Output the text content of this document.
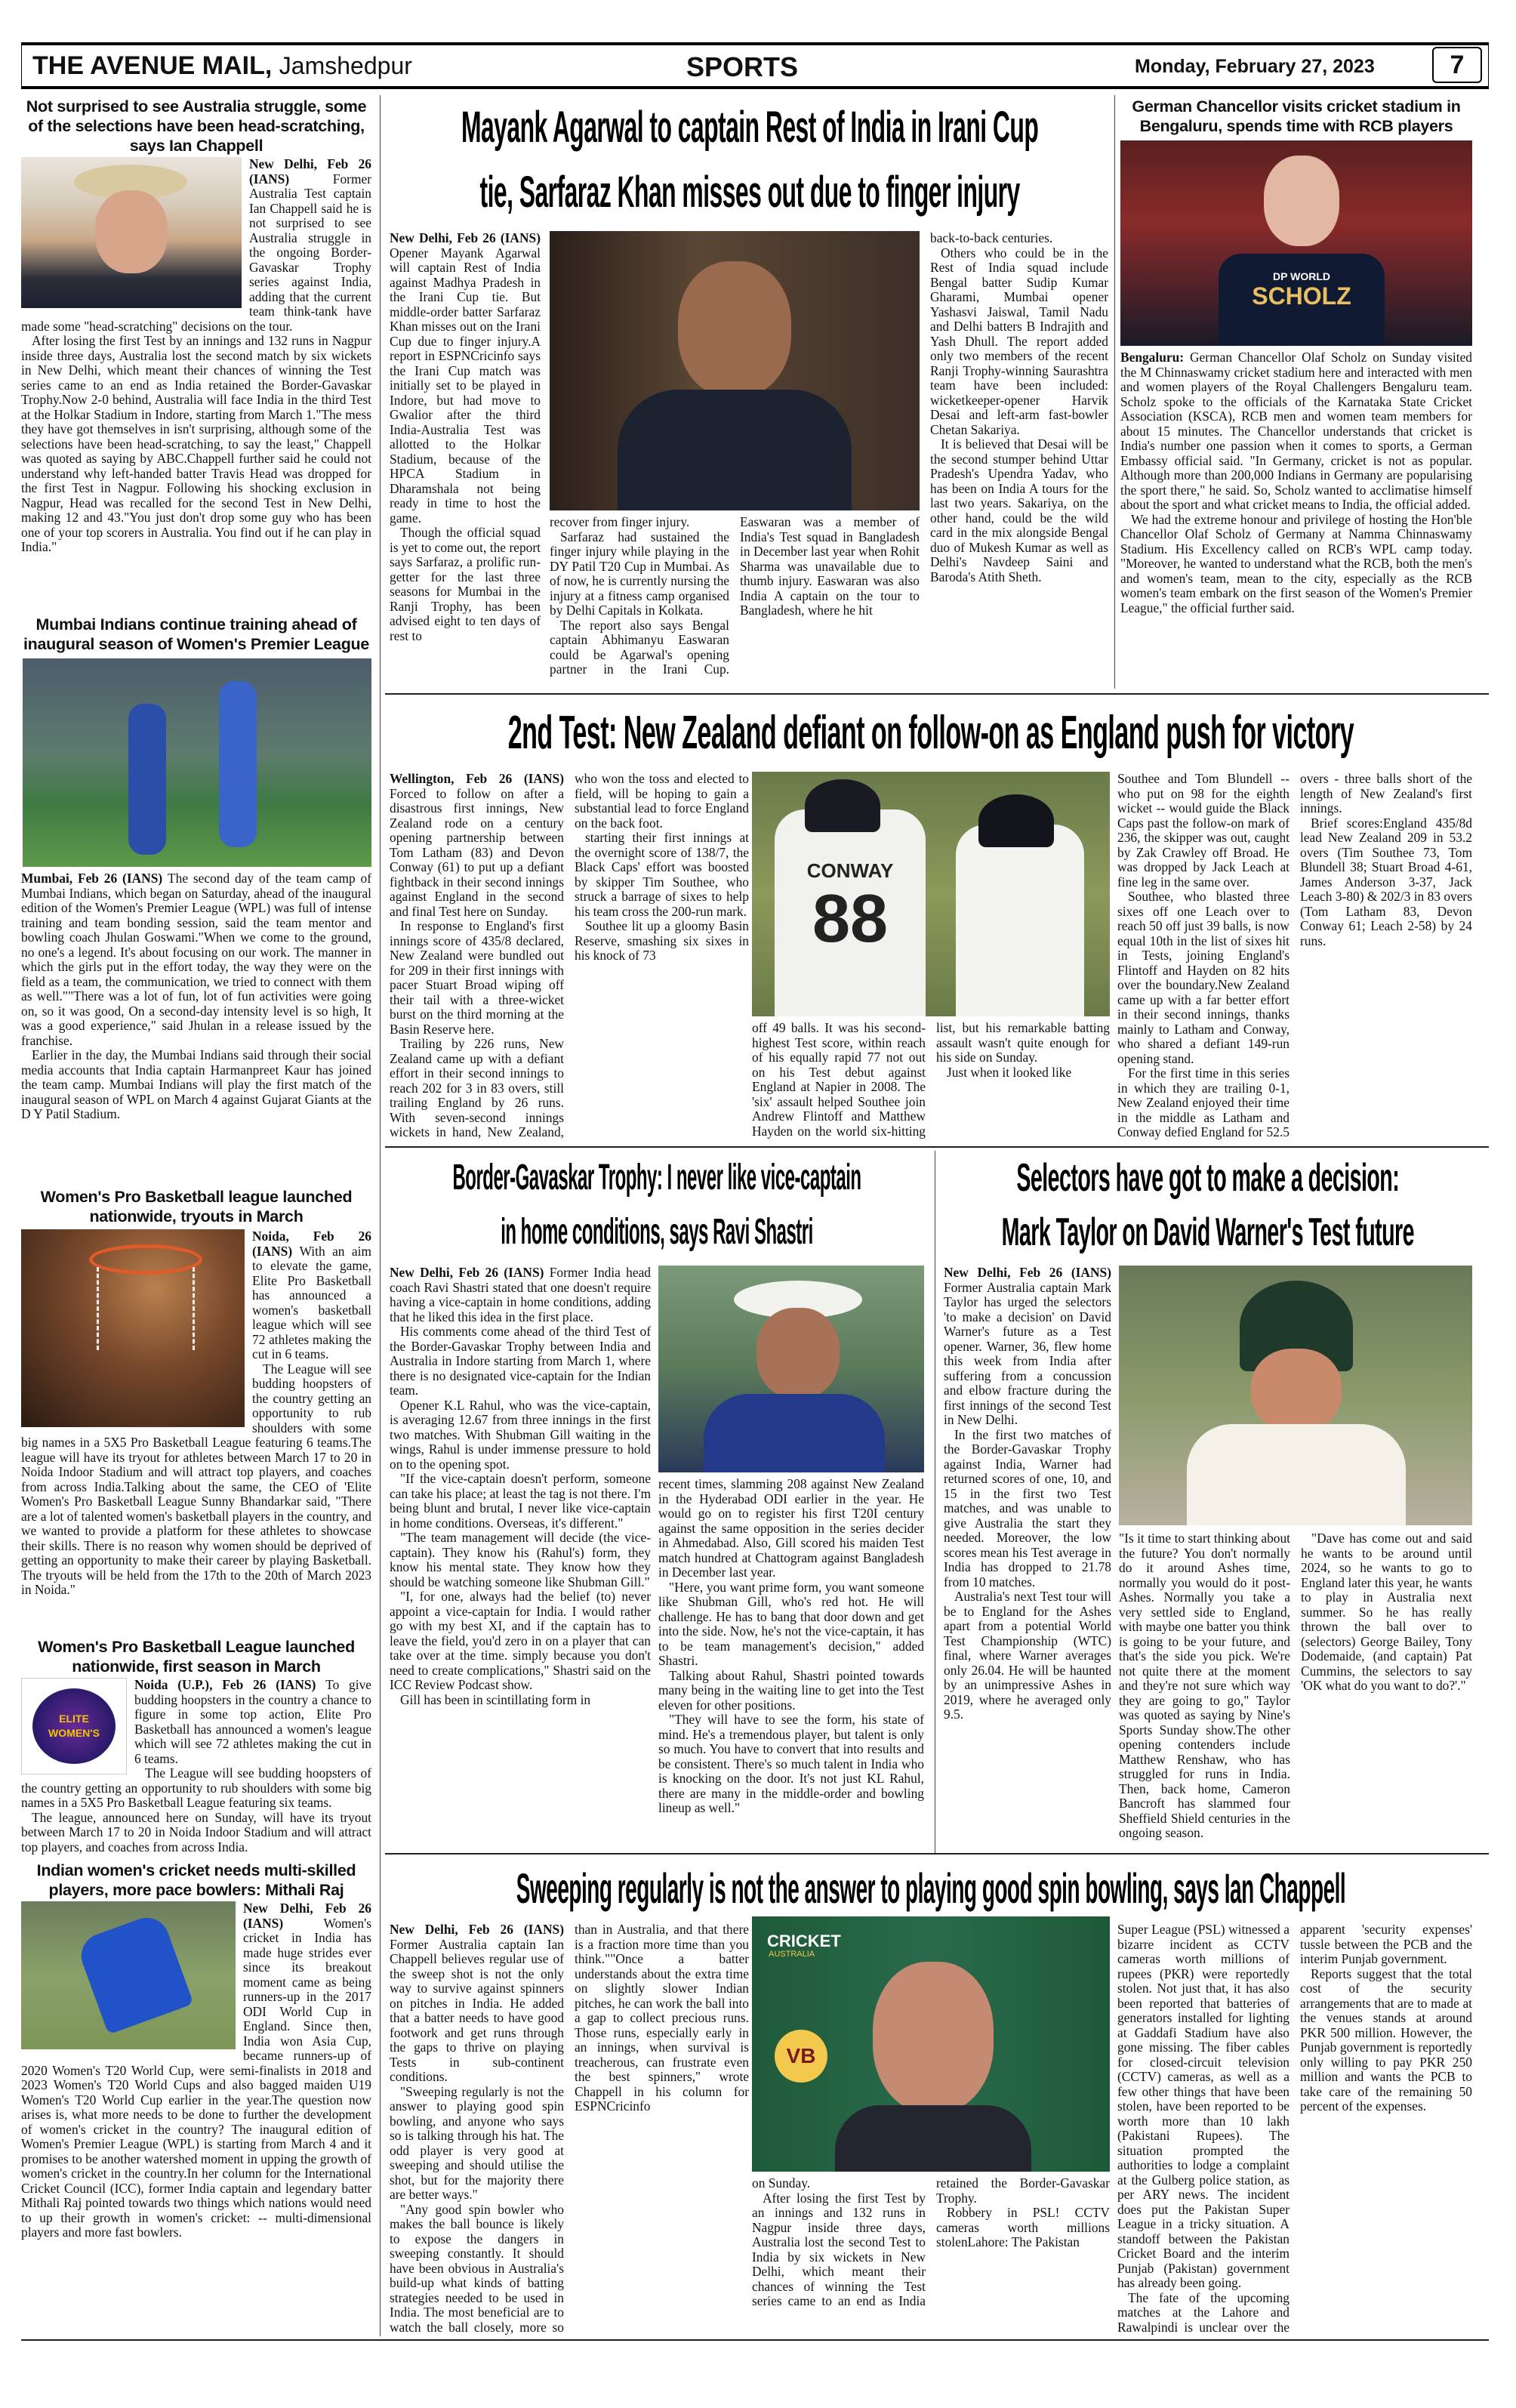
THE AVENUE MAIL, Jamshedpur	SPORTS	Monday, February 27, 2023	7
Not surprised to see Australia struggle, some of the selections have been head-scratching, says Ian Chappell

New Delhi, Feb 26 (IANS) Former Australia Test captain Ian Chappell said he is not surprised to see Australia struggle in the ongoing Border-Gavaskar Trophy series against India, adding that the current team think-tank have made some "head-scratching" decisions on the tour.

After losing the first Test by an innings and 132 runs in Nagpur inside three days, Australia lost the second match by six wickets in New Delhi, which meant their chances of winning the Test series came to an end as India retained the Border-Gavaskar Trophy.Now 2-0 behind, Australia will face India in the third Test at the Holkar Stadium in Indore, starting from March 1."The mess they have got themselves in isn't surprising, although some of the selections have been head-scratching, to say the least," Chappell was quoted as saying by ABC.Chappell further said he could not understand why left-handed batter Travis Head was dropped for the first Test in Nagpur. Following his shocking exclusion in Nagpur, Head was recalled for the second Test in New Delhi, making 12 and 43."You just don't drop some guy who has been one of your top scorers in Australia. You find out if he can play in India."

Mumbai Indians continue training ahead of inaugural season of Women's Premier League

Mumbai, Feb 26 (IANS) The second day of the team camp of Mumbai Indians, which began on Saturday, ahead of the inaugural edition of the Women's Premier League (WPL) was full of intense training and team bonding session, said the team mentor and bowling coach Jhulan Goswami."When we come to the ground, no one's a legend. It's about focusing on our work. The manner in which the girls put in the effort today, the way they were on the field as a team, the communication, we tried to connect with them as well.""There was a lot of fun, lot of fun activities were going on, so it was good, On a second-day intensity level is so high, It was a good experience," said Jhulan in a release issued by the franchise.

Earlier in the day, the Mumbai Indians said through their social media accounts that India captain Harmanpreet Kaur has joined the team camp. Mumbai Indians will play the first match of the inaugural season of WPL on March 4 against Gujarat Giants at the D Y Patil Stadium.

Women's Pro Basketball league launched nationwide, tryouts in March

Noida, Feb 26 (IANS) With an aim to elevate the game, Elite Pro Basketball has announced a women's basketball league which will see 72 athletes making the cut in 6 teams.

The League will see budding hoopsters of the country getting an opportunity to rub shoulders with some big names in a 5X5 Pro Basketball League featuring 6 teams.The league will have its tryout for athletes between March 17 to 20 in Noida Indoor Stadium and will attract top players, and coaches from across India.Talking about the same, the CEO of 'Elite Women's Pro Basketball League Sunny Bhandarkar said, "There are a lot of talented women's basketball players in the country, and we wanted to provide a platform for these athletes to showcase their skills. There is no reason why women should be deprived of getting an opportunity to make their career by playing Basketball. The tryouts will be held from the 17th to the 20th of March 2023 in Noida."

Women's Pro Basketball League launched nationwide, first season in March
ELITE WOMEN'S

Noida (U.P.), Feb 26 (IANS) To give budding hoopsters in the country a chance to figure in some top action, Elite Pro Basketball has announced a women's league which will see 72 athletes making the cut in 6 teams.

The League will see budding hoopsters of the country getting an opportunity to rub shoulders with some big names in a 5X5 Pro Basketball League featuring six teams.

The league, announced here on Sunday, will have its tryout between March 17 to 20 in Noida Indoor Stadium and will attract top players, and coaches from across India.

Indian women's cricket needs multi-skilled players, more pace bowlers: Mithali Raj

New Delhi, Feb 26 (IANS) Women's cricket in India has made huge strides ever since its breakout moment came as being runners-up in the 2017 ODI World Cup in England. Since then, India won Asia Cup, became runners-up of 2020 Women's T20 World Cup, were semi-finalists in 2018 and 2023 Women's T20 World Cups and also bagged maiden U19 Women's T20 World Cup earlier in the year.The question now arises is, what more needs to be done to further the development of women's cricket in the country? The inaugural edition of Women's Premier League (WPL) is starting from March 4 and it promises to be another watershed moment in upping the growth of women's cricket in the country.In her column for the International Cricket Council (ICC), former India captain and legendary batter Mithali Raj pointed towards two things which nations would need to up their growth in women's cricket: -- multi-dimensional players and more fast bowlers.

Mayank Agarwal to captain Rest of India in Irani Cup
tie, Sarfaraz Khan misses out due to finger injury

New Delhi, Feb 26 (IANS) Opener Mayank Agarwal will captain Rest of India against Madhya Pradesh in the Irani Cup tie. But middle-order batter Sarfaraz Khan misses out on the Irani Cup due to finger injury.A report in ESPNCricinfo says the Irani Cup match was initially set to be played in Indore, but had move to Gwalior after the third India-Australia Test was allotted to the Holkar Stadium, because of the HPCA Stadium in Dharamshala not being ready in time to host the game.

Though the official squad is yet to come out, the report says Sarfaraz, a prolific run-getter for the last three seasons for Mumbai in the Ranji Trophy, has been advised eight to ten days of rest to

recover from finger injury.

Sarfaraz had sustained the finger injury while playing in the DY Patil T20 Cup in Mumbai. As of now, he is currently nursing the injury at a fitness camp organised by Delhi Capitals in Kolkata.

The report also says Bengal captain Abhimanyu Easwaran could be Agarwal's opening partner in the Irani Cup. Easwaran was a member of India's Test squad in Bangladesh in December last year when Rohit Sharma was unavailable due to thumb injury. Easwaran was also India A captain on the tour to Bangladesh, where he hit

back-to-back centuries.

Others who could be in the Rest of India squad include Bengal batter Sudip Kumar Gharami, Mumbai opener Yashasvi Jaiswal, Tamil Nadu and Delhi batters B Indrajith and Yash Dhull. The report added only two members of the recent Ranji Trophy-winning Saurashtra team have been included: wicketkeeper-opener Harvik Desai and left-arm fast-bowler Chetan Sakariya.

It is believed that Desai will be the second stumper behind Uttar Pradesh's Upendra Yadav, who has been on India A tours for the last two years. Sakariya, on the other hand, could be the wild card in the mix alongside Bengal duo of Mukesh Kumar as well as Delhi's Navdeep Saini and Baroda's Atith Sheth.

German Chancellor visits cricket stadium in Bengaluru, spends time with RCB players
DP WORLD
SCHOLZ

Bengaluru: German Chancellor Olaf Scholz on Sunday visited the M Chinnaswamy cricket stadium here and interacted with men and women players of the Royal Challengers Bengaluru team. Scholz spoke to the officials of the Karnataka State Cricket Association (KSCA), RCB men and women team members for about 15 minutes. The Chancellor understands that cricket is India's number one passion when it comes to sports, a German Embassy official said. "In Germany, cricket is not as popular. Although more than 200,000 Indians in Germany are popularising the sport there," he said. So, Scholz wanted to acclimatise himself about the sport and what cricket means to India, the official added.

We had the extreme honour and privilege of hosting the Hon'ble Chancellor Olaf Scholz of Germany at Namma Chinnaswamy Stadium. His Excellency called on RCB's WPL camp today. "Moreover, he wanted to understand what the RCB, both the men's and women's team, mean to the city, especially as the RCB women's team embark on the first season of the Women's Premier League," the official further said.

2nd Test: New Zealand defiant on follow-on as England push for victory

Wellington, Feb 26 (IANS) Forced to follow on after a disastrous first innings, New Zealand rode on a century opening partnership between Tom Latham (83) and Devon Conway (61) to put up a defiant fightback in their second innings against England in the second and final Test here on Sunday.

In response to England's first innings score of 435/8 declared, New Zealand were bundled out for 209 in their first innings with pacer Stuart Broad wiping off their tail with a three-wicket burst on the third morning at the Basin Reserve here.

Trailing by 226 runs, New Zealand came up with a defiant effort in their second innings to reach 202 for 3 in 83 overs, still trailing England by 26 runs. With seven-second innings wickets in hand, New Zealand, who won the toss and elected to field, will be hoping to gain a substantial lead to force England on the back foot.

starting their first innings at the overnight score of 138/7, the Black Caps' effort was boosted by skipper Tim Southee, who struck a barrage of sixes to help his team cross the 200-run mark.

Southee lit up a gloomy Basin Reserve, smashing six sixes in his knock of 73

CONWAY
88

off 49 balls. It was his second-highest Test score, within reach of his equally rapid 77 not out on his Test debut against England at Napier in 2008. The 'six' assault helped Southee join Andrew Flintoff and Matthew Hayden on the world six-hitting list, but his remarkable batting assault wasn't quite enough for his side on Sunday.

Just when it looked like

Southee and Tom Blundell -- who put on 98 for the eighth wicket -- would guide the Black Caps past the follow-on mark of 236, the skipper was out, caught by Zak Crawley off Broad. He was dropped by Jack Leach at fine leg in the same over.

Southee, who blasted three sixes off one Leach over to reach 50 off just 39 balls, is now equal 10th in the list of sixes hit in Tests, joining England's Flintoff and Hayden on 82 hits over the boundary.New Zealand came up with a far better effort in their second innings, thanks mainly to Latham and Conway, who shared a defiant 149-run opening stand.

For the first time in this series in which they are trailing 0-1, New Zealand enjoyed their time in the middle as Latham and Conway defied England for 52.5 overs - three balls short of the length of New Zealand's first innings.

Brief scores:England 435/8d lead New Zealand 209 in 53.2 overs (Tim Southee 73, Tom Blundell 38; Stuart Broad 4-61, James Anderson 3-37, Jack Leach 3-80) & 202/3 in 83 overs (Tom Latham 83, Devon Conway 61; Leach 2-58) by 24 runs.

Border-Gavaskar Trophy: I never like vice-captain
in home conditions, says Ravi Shastri

New Delhi, Feb 26 (IANS) Former India head coach Ravi Shastri stated that one doesn't require having a vice-captain in home conditions, adding that he liked this idea in the first place.

His comments come ahead of the third Test of the Border-Gavaskar Trophy between India and Australia in Indore starting from March 1, where there is no designated vice-captain for the Indian team.

Opener K.L Rahul, who was the vice-captain, is averaging 12.67 from three innings in the first two matches. With Shubman Gill waiting in the wings, Rahul is under immense pressure to hold on to the opening spot.

"If the vice-captain doesn't perform, someone can take his place; at least the tag is not there. I'm being blunt and brutal, I never like vice-captain in home conditions. Overseas, it's different."

"The team management will decide (the vice-captain). They know his (Rahul's) form, they know his mental state. They know how they should be watching someone like Shubman Gill."

"I, for one, always had the belief (to) never appoint a vice-captain for India. I would rather go with my best XI, and if the captain has to leave the field, you'd zero in on a player that can take over at the time. simply because you don't need to create complications," Shastri said on the ICC Review Podcast show.

Gill has been in scintillating form in

recent times, slamming 208 against New Zealand in the Hyderabad ODI earlier in the year. He would go on to register his first T20I century against the same opposition in the series decider in Ahmedabad. Also, Gill scored his maiden Test match hundred at Chattogram against Bangladesh in December last year.

"Here, you want prime form, you want someone like Shubman Gill, who's red hot. He will challenge. He has to bang that door down and get into the side. Now, he's not the vice-captain, it has to be team management's decision," added Shastri.

Talking about Rahul, Shastri pointed towards many being in the waiting line to get into the Test eleven for other positions.

"They will have to see the form, his state of mind. He's a tremendous player, but talent is only so much. You have to convert that into results and be consistent. There's so much talent in India who is knocking on the door. It's not just KL Rahul, there are many in the middle-order and bowling lineup as well."

Selectors have got to make a decision:
Mark Taylor on David Warner's Test future

New Delhi, Feb 26 (IANS) Former Australia captain Mark Taylor has urged the selectors 'to make a decision' on David Warner's future as a Test opener. Warner, 36, flew home this week from India after suffering from a concussion and elbow fracture during the first innings of the second Test in New Delhi.

In the first two matches of the Border-Gavaskar Trophy against India, Warner had returned scores of one, 10, and 15 in the first two Test matches, and was unable to give Australia the start they needed. Moreover, the low scores mean his Test average in India has dropped to 21.78 from 10 matches.

Australia's next Test tour will be to England for the Ashes apart from a potential World Test Championship (WTC) final, where Warner averages only 26.04. He will be haunted by an unimpressive Ashes in 2019, where he averaged only 9.5.

"Is it time to start thinking about the future? You don't normally do it around Ashes time, normally you would do it post-Ashes. Normally you take a very settled side to England, with maybe one batter you think is going to be your future, and that's the side you pick. We're not quite there at the moment and they're not sure which way they are going to go," Taylor was quoted as saying by Nine's Sports Sunday show.The other opening contenders include Matthew Renshaw, who has struggled for runs in India. Then, back home, Cameron Bancroft has slammed four Sheffield Shield centuries in the ongoing season.

"Dave has come out and said he wants to be around until 2024, so he wants to go to England later this year, he wants to play in Australia next summer. So he has really thrown the ball over to (selectors) George Bailey, Tony Dodemaide, (and captain) Pat Cummins, the selectors to say 'OK what do you want to do?'."

Sweeping regularly is not the answer to playing good spin bowling, says Ian Chappell

New Delhi, Feb 26 (IANS) Former Australia captain Ian Chappell believes regular use of the sweep shot is not the only way to survive against spinners on pitches in India. He added that a batter needs to have good footwork and get runs through the gaps to thrive on playing Tests in sub-continent conditions.

"Sweeping regularly is not the answer to playing good spin bowling, and anyone who says so is talking through his hat. The odd player is very good at sweeping and should utilise the shot, but for the majority there are better ways."

"Any good spin bowler who makes the ball bounce is likely to expose the dangers in sweeping constantly. It should have been obvious in Australia's build-up what kinds of batting strategies needed to be used in India. The most beneficial are to watch the ball closely, more so than in Australia, and that there is a fraction more time than you think.""Once a batter understands about the extra time on slightly slower Indian pitches, he can work the ball into a gap to collect precious runs. Those runs, especially early in an innings, when survival is treacherous, can frustrate even the best spinners," wrote Chappell in his column for ESPNCricinfo

CRICKET
AUSTRALIA
VB

on Sunday.

After losing the first Test by an innings and 132 runs in Nagpur inside three days, Australia lost the second Test to India by six wickets in New Delhi, which meant their chances of winning the Test series came to an end as India retained the Border-Gavaskar Trophy.

Robbery in PSL! CCTV cameras worth millions stolenLahore: The Pakistan

Super League (PSL) witnessed a bizarre incident as CCTV cameras worth millions of rupees (PKR) were reportedly stolen. Not just that, it has also been reported that batteries of generators installed for lighting at Gaddafi Stadium have also gone missing. The fiber cables for closed-circuit television (CCTV) cameras, as well as a few other things that have been stolen, have been reported to be worth more than 10 lakh (Pakistani Rupees). The situation prompted the authorities to lodge a complaint at the Gulberg police station, as per ARY news. The incident does put the Pakistan Super League in a tricky situation. A standoff between the Pakistan Cricket Board and the interim Punjab (Pakistan) government has already been going.

The fate of the upcoming matches at the Lahore and Rawalpindi is unclear over the apparent 'security expenses' tussle between the PCB and the interim Punjab government.

Reports suggest that the total cost of the security arrangements that are to made at the venues stands at around PKR 500 million. However, the Punjab government is reportedly only willing to pay PKR 250 million and wants the PCB to take care of the remaining 50 percent of the expenses.
